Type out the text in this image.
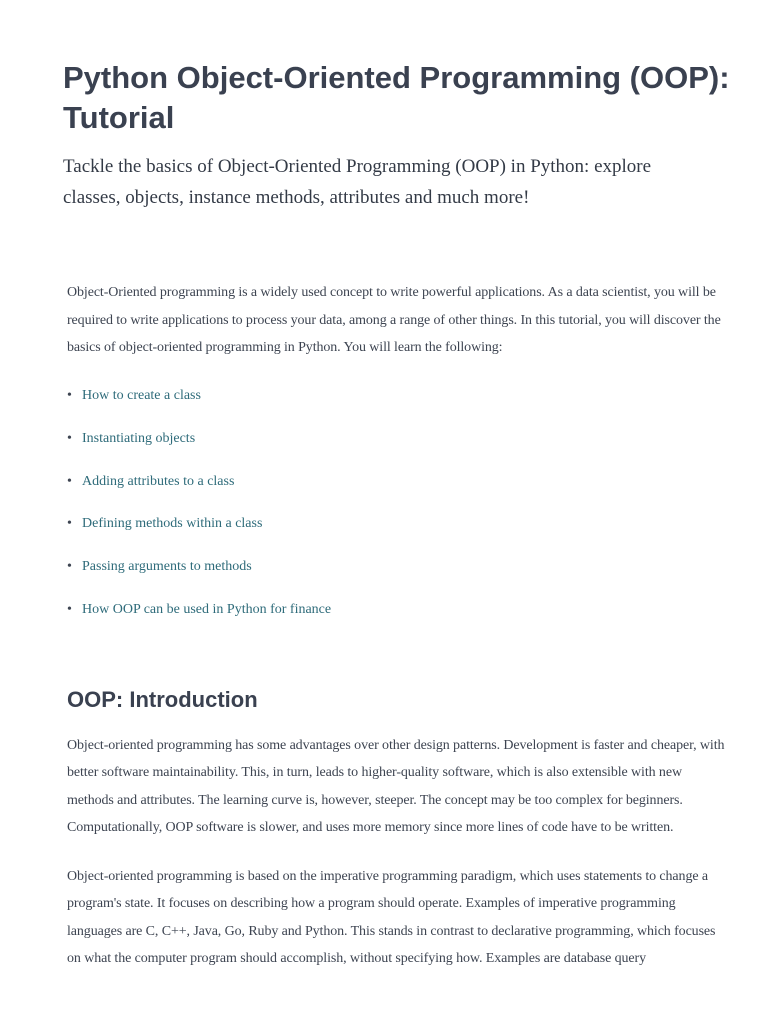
Python Object-Oriented Programming (OOP): Tutorial

Tackle the basics of Object-Oriented Programming (OOP) in Python: explore classes, objects, instance methods, attributes and much more!

Object-Oriented programming is a widely used concept to write powerful applications. As a data scientist, you will be required to write applications to process your data, among a range of other things. In this tutorial, you will discover the basics of object-oriented programming in Python. You will learn the following:

• How to create a class
• Instantiating objects
• Adding attributes to a class
• Defining methods within a class
• Passing arguments to methods
• How OOP can be used in Python for finance
OOP: Introduction

Object-oriented programming has some advantages over other design patterns. Development is faster and cheaper, with better software maintainability. This, in turn, leads to higher-quality software, which is also extensible with new methods and attributes. The learning curve is, however, steeper. The concept may be too complex for beginners. Computationally, OOP software is slower, and uses more memory since more lines of code have to be written.

Object-oriented programming is based on the imperative programming paradigm, which uses statements to change a program's state. It focuses on describing how a program should operate. Examples of imperative programming languages are C, C++, Java, Go, Ruby and Python. This stands in contrast to declarative programming, which focuses on what the computer program should accomplish, without specifying how. Examples are database query
